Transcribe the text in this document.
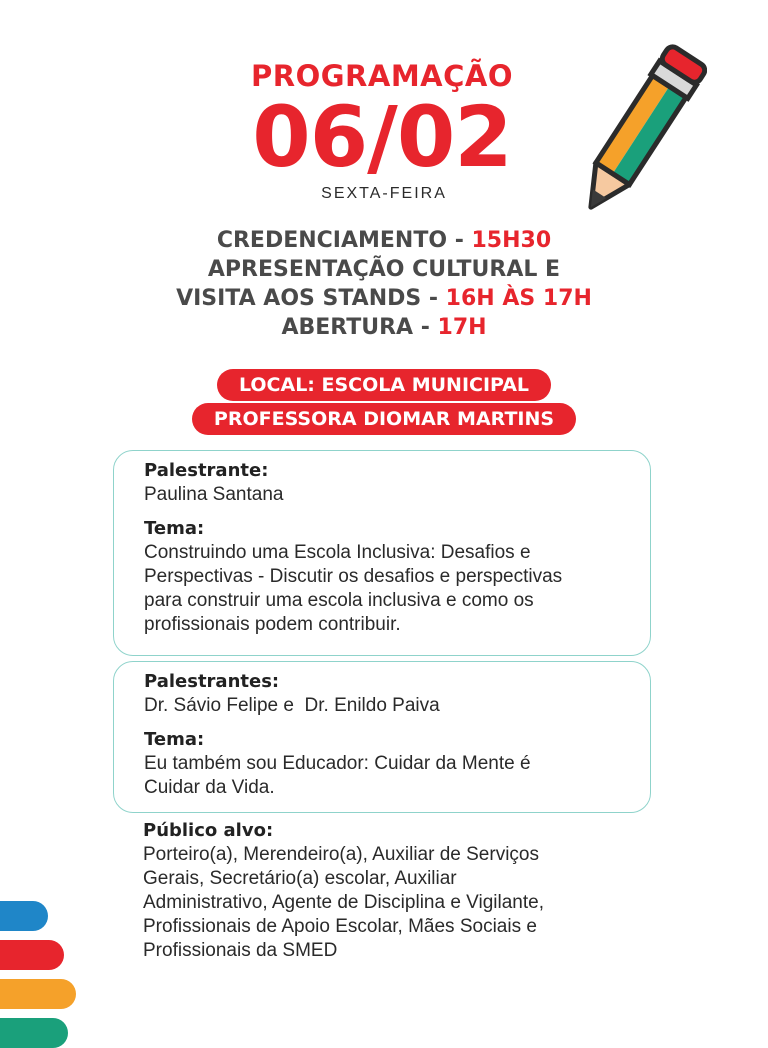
PROGRAMAÇÃO
06/02
SEXTA-FEIRA
CREDENCIAMENTO - 15H30
APRESENTAÇÃO CULTURAL E
VISITA AOS STANDS - 16H ÀS 17H
ABERTURA - 17H
LOCAL: ESCOLA MUNICIPAL
PROFESSORA DIOMAR MARTINS
Palestrante:
Paulina Santana
Tema:
Construindo uma Escola Inclusiva: Desafios e
Perspectivas - Discutir os desafios e perspectivas
para construir uma escola inclusiva e como os
profissionais podem contribuir.
Palestrantes:
Dr. Sávio Felipe e  Dr. Enildo Paiva
Tema:
Eu também sou Educador: Cuidar da Mente é
Cuidar da Vida.
Público alvo:
Porteiro(a), Merendeiro(a), Auxiliar de Serviços
Gerais, Secretário(a) escolar, Auxiliar
Administrativo, Agente de Disciplina e Vigilante,
Profissionais de Apoio Escolar, Mães Sociais e
Profissionais da SMED
